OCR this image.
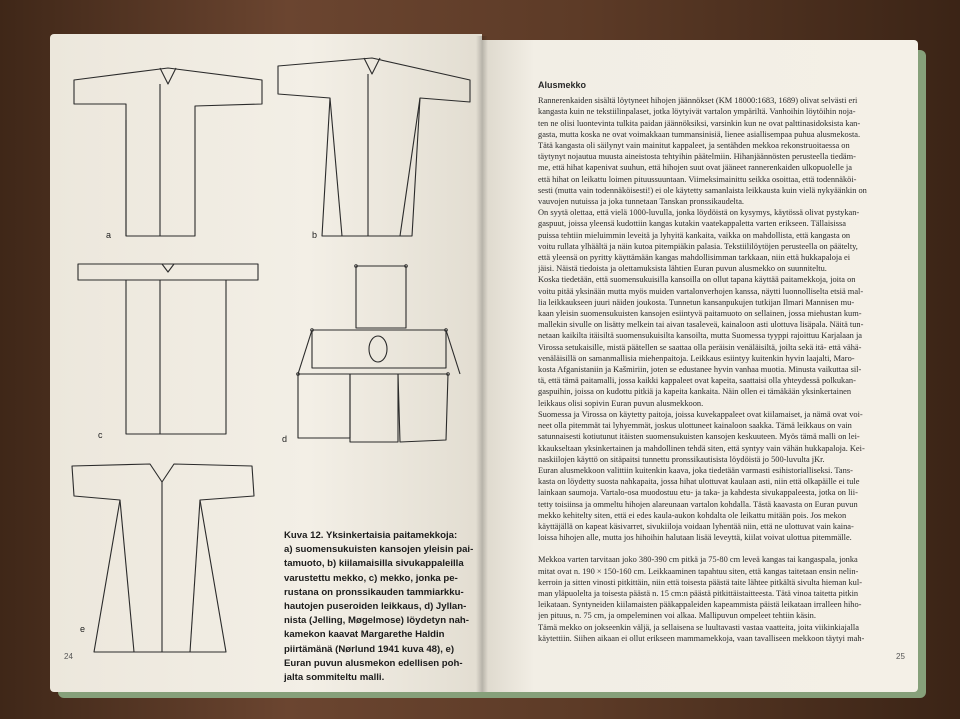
a	b
c	d
e
Kuva 12. Yksinkertaisia paitamekkoja:
a) suomensukuisten kansojen yleisin pai-
tamuoto, b) kiilamaisilla sivukappaleilla
varustettu mekko, c) mekko, jonka pe-
rustana on pronssikauden tammiarkku-
hautojen puseroiden leikkaus, d) Jyllan-
nista (Jelling, Møgelmose) löydetyn nah-
kamekon kaavat Margarethe Haldin
piirtämänä (Nørlund 1941 kuva 48), e)
Euran puvun alusmekon edellisen poh-
jalta sommiteltu malli.
24
Alusmekko
Rannerenkaiden sisältä löytyneet hihojen jäännökset (KM 18000:1683, 1689) olivat selvästi eri
kangasta kuin ne tekstiilinpalaset, jotka löytyivät vartalon ympäriltä. Vanhoihin löytöihin noja-
ten ne olisi luontevinta tulkita paidan jäännöksiksi, varsinkin kun ne ovat palttinasidoksista kan-
gasta, mutta koska ne ovat voimakkaan tummansinisiä, lienee asiallisempaa puhua alusmekosta.
Tätä kangasta oli säilynyt vain mainitut kappaleet, ja sentähden mekkoa rekonstruoitaessa on
täytynyt nojautua muusta aineistosta tehtyihin päätelmiin. Hihanjäännösten perusteella tiedäm-
me, että hihat kapenivat suuhun, että hihojen suut ovat jääneet rannerenkaiden ulkopuolelle ja
että hihat on leikattu loimen pituussuuntaan. Viimeksimainittu seikka osoittaa, että todennäköi-
sesti (mutta vain todennäköisesti!) ei ole käytetty samanlaista leikkausta kuin vielä nykyäänkin on
vauvojen nutuissa ja joka tunnetaan Tanskan pronssikaudelta.
On syytä olettaa, että vielä 1000-luvulla, jonka löydöistä on kysymys, käytössä olivat pystykan-
gaspuut, joissa yleensä kudottiin kangas kutakin vaatekappaletta varten erikseen. Tällaisissa
puissa tehtiin mieluimmin leveitä ja lyhyitä kankaita, vaikka on mahdollista, että kangasta on
voitu rullata ylhäältä ja näin kutoa pitempiäkin palasia. Tekstiililöytöjen perusteella on päätelty,
että yleensä on pyritty käyttämään kangas mahdollisimman tarkkaan, niin että hukkapaloja ei
jäisi. Näistä tiedoista ja olettamuksista lähtien Euran puvun alusmekko on suunniteltu.
Koska tiedetään, että suomensukuisilla kansoilla on ollut tapana käyttää paitamekkoja, joita on
voitu pitää yksinään mutta myös muiden vartalonverhojen kanssa, näytti luonnolliselta etsiä mal-
lia leikkaukseen juuri näiden joukosta. Tunnetun kansanpukujen tutkijan Ilmari Mannisen mu-
kaan yleisin suomensukuisten kansojen esiintyvä paitamuoto on sellainen, jossa miehustan kum-
mallekin sivulle on lisätty melkein tai aivan tasaleveä, kainaloon asti ulottuva lisäpala. Näitä tun-
netaan kaikilta itäisiltä suomensukuisilta kansoilta, mutta Suomessa tyyppi rajoittuu Karjalaan ja
Virossa setukaisille, mistä päätellen se saattaa olla peräisin venäläisiltä, joilta sekä itä- että vähä-
venäläisillä on samanmallisia miehenpaitoja. Leikkaus esiintyy kuitenkin hyvin laajalti, Maro-
kosta Afganistaniin ja Kašmiriin, joten se edustanee hyvin vanhaa muotia. Minusta vaikuttaa sil-
tä, että tämä paitamalli, jossa kaikki kappaleet ovat kapeita, saattaisi olla yhteydessä polkukan-
gaspuihin, joissa on kudottu pitkiä ja kapeita kankaita. Näin ollen ei tämäkään yksinkertainen
leikkaus olisi sopivin Euran puvun alusmekkoon.
Suomessa ja Virossa on käytetty paitoja, joissa kuvekappaleet ovat kiilamaiset, ja nämä ovat voi-
neet olla pitemmät tai lyhyemmät, joskus ulottuneet kainaloon saakka. Tämä leikkaus on vain
satunnaisesti kotiutunut itäisten suomensukuisten kansojen keskuuteen. Myös tämä malli on lei-
kkaukseltaan yksinkertainen ja mahdollinen tehdä siten, että syntyy vain vähän hukkapaloja. Kei-
naskiilojen käyttö on sitäpaitsi tunnettu pronssikautisista löydöistä jo 500-luvulta jKr.
Euran alusmekkoon valittiin kuitenkin kaava, joka tiedetään varmasti esihistorialliseksi. Tans-
kasta on löydetty suosta nahkapaita, jossa hihat ulottuvat kaulaan asti, niin että olkapäille ei tule
lainkaan saumoja. Vartalo-osa muodostuu etu- ja taka- ja kahdesta sivukappaleesta, jotka on lii-
tetty toisiinsa ja ommeltu hihojen alareunaan vartalon kohdalla. Tästä kaavasta on Euran puvun
mekko kehitelty siten, että ei edes kaula-aukon kohdalta ole leikattu mitään pois. Jos mekon
käyttäjällä on kapeat käsivarret, sivukiiloja voidaan lyhentää niin, että ne ulottuvat vain kaina-
loissa hihojen alle, mutta jos hihoihin halutaan lisää leveyttä, kiilat voivat ulottua pitemmälle.
Mekkoa varten tarvitaan joko 380-390 cm pitkä ja 75-80 cm leveä kangas tai kangaspala, jonka
mitat ovat n. 190 × 150-160 cm. Leikkaaminen tapahtuu siten, että kangas taitetaan ensin nelin-
kerroin ja sitten vinosti pitkittäin, niin että toisesta päästä taite lähtee pitkältä sivulta hieman kul-
man yläpuolelta ja toisesta päästä n. 15 cm:n päästä pitkittäistaitteesta. Tätä vinoa taitetta pitkin
leikataan. Syntyneiden kiilamaisten pääkappaleiden kapeammista päistä leikataan irralleen hiho-
jen pituus, n. 75 cm, ja ompeleminen voi alkaa. Mallipuvun ompeleet tehtiin käsin.
Tämä mekko on jokseenkin väljä, ja sellaisena se luultavasti vastaa vaatteita, joita viikinkiajalla
käytettiin. Siihen aikaan ei ollut erikseen mammamekkoja, vaan tavalliseen mekkoon täytyi mah-
25
